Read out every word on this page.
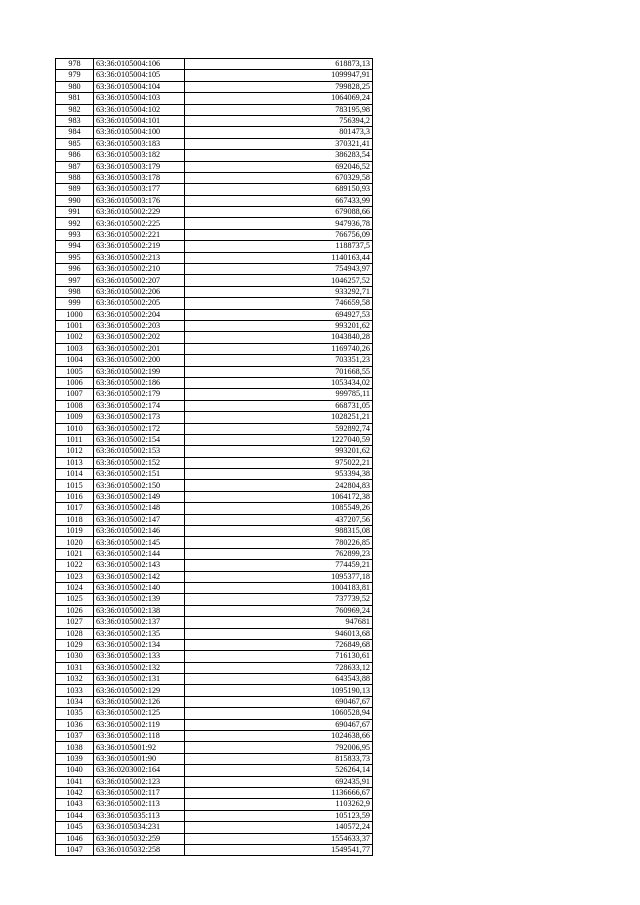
978	63:36:0105004:106	618873,13
979	63:36:0105004:105	1099947,91
980	63:36:0105004:104	799828,25
981	63:36:0105004:103	1064069,24
982	63:36:0105004:102	783195,98
983	63:36:0105004:101	756394,2
984	63:36:0105004:100	801473,3
985	63:36:0105003:183	370321,41
986	63:36:0105003:182	386283,54
987	63:36:0105003:179	692046,52
988	63:36:0105003:178	670329,58
989	63:36:0105003:177	689150,93
990	63:36:0105003:176	667433,99
991	63:36:0105002:229	679088,66
992	63:36:0105002:225	947936,78
993	63:36:0105002:221	766756,09
994	63:36:0105002:219	1188737,5
995	63:36:0105002:213	1140163,44
996	63:36:0105002:210	754943,97
997	63:36:0105002:207	1046257,52
998	63:36:0105002:206	933292,71
999	63:36:0105002:205	746659,58
1000	63:36:0105002:204	694927,53
1001	63:36:0105002:203	993201,62
1002	63:36:0105002:202	1043840,28
1003	63:36:0105002:201	1169740,26
1004	63:36:0105002:200	703351,23
1005	63:36:0105002:199	701668,55
1006	63:36:0105002:186	1053434,02
1007	63:36:0105002:179	999785,11
1008	63:36:0105002:174	668731,05
1009	63:36:0105002:173	1028251,21
1010	63:36:0105002:172	592892,74
1011	63:36:0105002:154	1227040,59
1012	63:36:0105002:153	993201,62
1013	63:36:0105002:152	975022,21
1014	63:36:0105002:151	953394,38
1015	63:36:0105002:150	242804,83
1016	63:36:0105002:149	1064172,38
1017	63:36:0105002:148	1085549,26
1018	63:36:0105002:147	437207,56
1019	63:36:0105002:146	988315,08
1020	63:36:0105002:145	780226,85
1021	63:36:0105002:144	762899,23
1022	63:36:0105002:143	774459,21
1023	63:36:0105002:142	1095377,18
1024	63:36:0105002:140	1004183,81
1025	63:36:0105002:139	737739,52
1026	63:36:0105002:138	760969,24
1027	63:36:0105002:137	947681
1028	63:36:0105002:135	946013,68
1029	63:36:0105002:134	726849,68
1030	63:36:0105002:133	716130,61
1031	63:36:0105002:132	728633,12
1032	63:36:0105002:131	643543,88
1033	63:36:0105002:129	1095190,13
1034	63:36:0105002:126	690467,67
1035	63:36:0105002:125	1060528,94
1036	63:36:0105002:119	690467,67
1037	63:36:0105002:118	1024638,66
1038	63:36:0105001:92	792006,95
1039	63:36:0105001:90	815833,73
1040	63:36:0203002:164	526264,14
1041	63:36:0105002:123	692435,91
1042	63:36:0105002:117	1136666,67
1043	63:36:0105002:113	1103262,9
1044	63:36:0105035:113	105123,59
1045	63:36:0105034:231	140572,24
1046	63:36:0105032:259	1554633,37
1047	63:36:0105032:258	1549541,77
